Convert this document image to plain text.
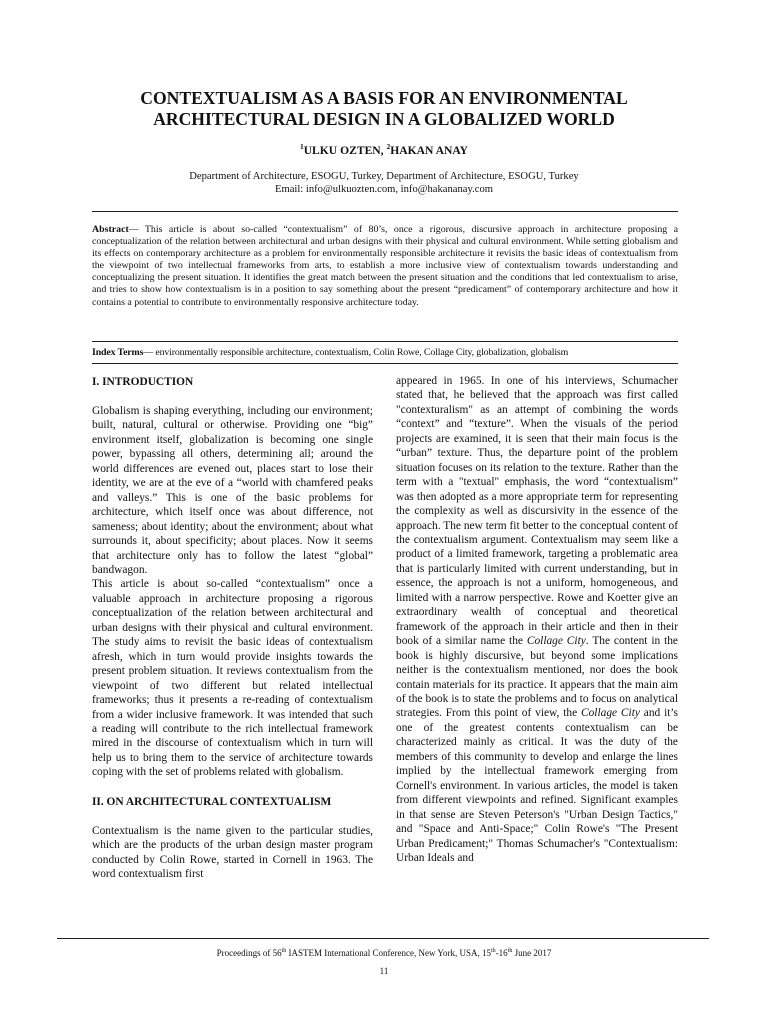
CONTEXTUALISM AS A BASIS FOR AN ENVIRONMENTAL
ARCHITECTURAL DESIGN IN A GLOBALIZED WORLD

$^1$ULKU OZTEN, $^2$HAKAN ANAY

Department of Architecture, ESOGU, Turkey, Department of Architecture, ESOGU, Turkey
Email: info@ulkuozten.com, info@hakananay.com

Abstract— This article is about so-called “contextualism” of 80’s, once a rigorous, discursive approach in architecture proposing a conceptualization of the relation between architectural and urban designs with their physical and cultural environment. While setting globalism and its effects on contemporary architecture as a problem for environmentally responsible architecture it revisits the basic ideas of contextualism from the viewpoint of two intellectual frameworks from arts, to establish a more inclusive view of contextualism towards understanding and conceptualizing the present situation. It identifies the great match between the present situation and the conditions that led contextualism to arise, and tries to show how contextualism is in a position to say something about the present “predicament” of contemporary architecture and how it contains a potential to contribute to environmentally responsive architecture today.

Index Terms— environmentally responsible architecture, contextualism, Colin Rowe, Collage City, globalization, globalism

I. INTRODUCTION

Globalism is shaping everything, including our environment; built, natural, cultural or otherwise. Providing one “big” environment itself, globalization is becoming one single power, bypassing all others, determining all; around the world differences are evened out, places start to lose their identity, we are at the eve of a “world with chamfered peaks and valleys.” This is one of the basic problems for architecture, which itself once was about difference, not sameness; about identity; about the environment; about what surrounds it, about specificity; about places. Now it seems that architecture only has to follow the latest “global” bandwagon.

This article is about so-called “contextualism” once a valuable approach in architecture proposing a rigorous conceptualization of the relation between architectural and urban designs with their physical and cultural environment. The study aims to revisit the basic ideas of contextualism afresh, which in turn would provide insights towards the present problem situation. It reviews contextualism from the viewpoint of two different but related intellectual frameworks; thus it presents a re-reading of contextualism from a wider inclusive framework. It was intended that such a reading will contribute to the rich intellectual framework mired in the discourse of contextualism which in turn will help us to bring them to the service of architecture towards coping with the set of problems related with globalism.

II. ON ARCHITECTURAL CONTEXTUALISM

Contextualism is the name given to the particular studies, which are the products of the urban design master program conducted by Colin Rowe, started in Cornell in 1963. The word contextualism first

appeared in 1965. In one of his interviews, Schumacher stated that, he believed that the approach was first called "contexturalism" as an attempt of combining the words “context” and “texture”. When the visuals of the period projects are examined, it is seen that their main focus is the “urban” texture. Thus, the departure point of the problem situation focuses on its relation to the texture. Rather than the term with a "textual" emphasis, the word “contextualism” was then adopted as a more appropriate term for representing the complexity as well as discursivity in the essence of the approach. The new term fit better to the conceptual content of the contextualism argument. Contextualism may seem like a product of a limited framework, targeting a problematic area that is particularly limited with current understanding, but in essence, the approach is not a uniform, homogeneous, and limited with a narrow perspective. Rowe and Koetter give an extraordinary wealth of conceptual and theoretical framework of the approach in their article and then in their book of a similar name the Collage City. The content in the book is highly discursive, but beyond some implications neither is the contextualism mentioned, nor does the book contain materials for its practice. It appears that the main aim of the book is to state the problems and to focus on analytical strategies. From this point of view, the Collage City and it’s one of the greatest contents contextualism can be characterized mainly as critical. It was the duty of the members of this community to develop and enlarge the lines implied by the intellectual framework emerging from Cornell's environment. In various articles, the model is taken from different viewpoints and refined. Significant examples in that sense are Steven Peterson's "Urban Design Tactics," and "Space and Anti-Space;" Colin Rowe's "The Present Urban Predicament;" Thomas Schumacher's "Contextualism: Urban Ideals and

Proceedings of 56th IASTEM International Conference, New York, USA, 15th-16th June 2017

11
